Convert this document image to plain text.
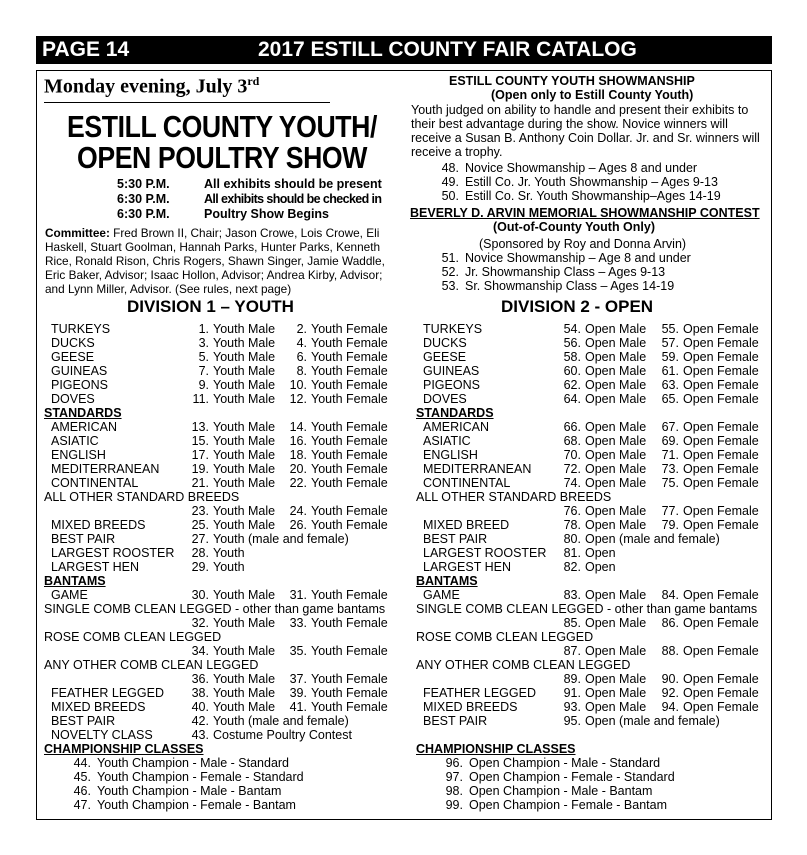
PAGE 14	2017 ESTILL COUNTY FAIR CATALOG
Monday evening, July 3rd
ESTILL COUNTY YOUTH/
OPEN POULTRY SHOW
5:30 P.M.	All exhibits should be present
6:30 P.M.	All exhibits should be checked in
6:30 P.M.	Poultry Show Begins
Committee: Fred Brown II, Chair; Jason Crowe, Lois Crowe, Eli Haskell, Stuart Goolman, Hannah Parks, Hunter Parks, Kenneth Rice, Ronald Rison, Chris Rogers, Shawn Singer, Jamie Waddle, Eric Baker, Advisor; Isaac Hollon, Advisor; Andrea Kirby, Advisor; and Lynn Miller, Advisor. (See rules, next page)
DIVISION 1 – YOUTH
TURKEYS	1. Youth Male	2. Youth Female
DUCKS	3. Youth Male	4. Youth Female
GEESE	5. Youth Male	6. Youth Female
GUINEAS	7. Youth Male	8. Youth Female
PIGEONS	9. Youth Male	10. Youth Female
DOVES	11. Youth Male	12. Youth Female
STANDARDS
AMERICAN	13. Youth Male	14. Youth Female
ASIATIC	15. Youth Male	16. Youth Female
ENGLISH	17. Youth Male	18. Youth Female
MEDITERRANEAN	19. Youth Male	20. Youth Female
CONTINENTAL	21. Youth Male	22. Youth Female
ALL OTHER STANDARD BREEDS
23. Youth Male	24. Youth Female
MIXED BREEDS	25. Youth Male	26. Youth Female
BEST PAIR	27. Youth (male and female)
LARGEST ROOSTER	28. Youth
LARGEST HEN	29. Youth
BANTAMS
GAME	30. Youth Male	31. Youth Female
SINGLE COMB CLEAN LEGGED - other than game bantams
32. Youth Male	33. Youth Female
ROSE COMB CLEAN LEGGED
34. Youth Male	35. Youth Female
ANY OTHER COMB CLEAN LEGGED
36. Youth Male	37. Youth Female
FEATHER LEGGED	38. Youth Male	39. Youth Female
MIXED BREEDS	40. Youth Male	41. Youth Female
BEST PAIR	42. Youth (male and female)
NOVELTY CLASS	43. Costume Poultry Contest
CHAMPIONSHIP CLASSES
44. Youth Champion - Male - Standard
45. Youth Champion - Female - Standard
46. Youth Champion - Male - Bantam
47. Youth Champion - Female - Bantam
ESTILL COUNTY YOUTH SHOWMANSHIP
(Open only to Estill County Youth)
Youth judged on ability to handle and present their exhibits to their best advantage during the show. Novice winners will receive a Susan B. Anthony Coin Dollar. Jr. and Sr. winners will receive a trophy.
48. Novice Showmanship – Ages 8 and under
49. Estill Co. Jr. Youth Showmanship – Ages 9-13
50. Estill Co. Sr. Youth Showmanship–Ages 14-19
BEVERLY D. ARVIN MEMORIAL SHOWMANSHIP CONTEST
(Out-of-County Youth Only)
(Sponsored by Roy and Donna Arvin)
51. Novice Showmanship – Age 8 and under
52. Jr. Showmanship Class – Ages 9-13
53. Sr. Showmanship Class – Ages 14-19
DIVISION 2 - OPEN
TURKEYS	54. Open Male	55. Open Female
DUCKS	56. Open Male	57. Open Female
GEESE	58. Open Male	59. Open Female
GUINEAS	60. Open Male	61. Open Female
PIGEONS	62. Open Male	63. Open Female
DOVES	64. Open Male	65. Open Female
STANDARDS
AMERICAN	66. Open Male	67. Open Female
ASIATIC	68. Open Male	69. Open Female
ENGLISH	70. Open Male	71. Open Female
MEDITERRANEAN	72. Open Male	73. Open Female
CONTINENTAL	74. Open Male	75. Open Female
ALL OTHER STANDARD BREEDS
76. Open Male	77. Open Female
MIXED BREED	78. Open Male	79. Open Female
BEST PAIR	80. Open (male and female)
LARGEST ROOSTER	81. Open
LARGEST HEN	82. Open
BANTAMS
GAME	83. Open Male	84. Open Female
SINGLE COMB CLEAN LEGGED - other than game bantams
85. Open Male	86. Open Female
ROSE COMB CLEAN LEGGED
87. Open Male	88. Open Female
ANY OTHER COMB CLEAN LEGGED
89. Open Male	90. Open Female
FEATHER LEGGED	91. Open Male	92. Open Female
MIXED BREEDS	93. Open Male	94. Open Female
BEST PAIR	95. Open (male and female)
CHAMPIONSHIP CLASSES
96. Open Champion - Male - Standard
97. Open Champion - Female - Standard
98. Open Champion - Male - Bantam
99. Open Champion - Female - Bantam
